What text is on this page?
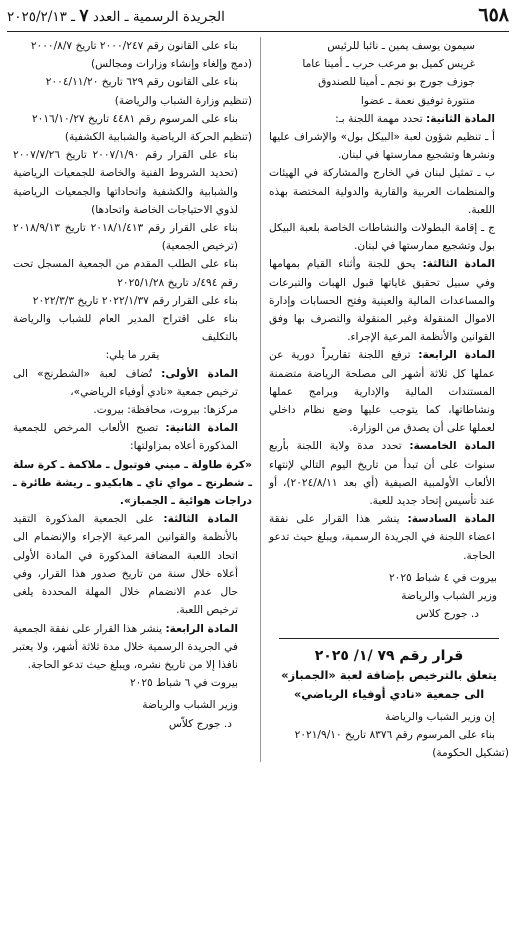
٦٥٨
الجريدة الرسمية ـ العدد ٧ ـ ٢٠٢٥/٢/١٣

سيمون يوسف يمين ـ نائبا للرئيس

غريس كميل بو مرعب حرب ـ أمينا عاما

جوزف جورج بو نجم ـ أمينا للصندوق

منتورة توفيق نعمة ـ عضوا

المادة الثانية: تحدد مهمة اللجنة بـ:

أ ـ تنظيم شؤون لعبة «البيكل بول» والإشراف عليها ونشرها وتشجيع ممارستها في لبنان.

ب ـ تمثيل لبنان في الخارج والمشاركة في الهيئات والمنظمات العربية والقارية والدولية المختصة بهذه اللعبة.

ج ـ إقامة البطولات والنشاطات الخاصة بلعبة البيكل بول وتشجيع ممارستها في لبنان.

المادة الثالثة: يحق للجنة وأثناء القيام بمهامها وفي سبيل تحقيق غاياتها قبول الهبات والتبرعات والمساعدات المالية والعينية وفتح الحسابات وإدارة الاموال المنقولة وغير المنقولة والتصرف بها وفق القوانين والأنظمة المرعية الإجراء.

المادة الرابعة: ترفع اللجنة تقاريراً دورية عن عملها كل ثلاثة أشهر الى مصلحة الرياضة متضمنة المستندات المالية والإدارية وبرامج عملها ونشاطاتها، كما يتوجب عليها وضع نظام داخلي لعملها على أن يصدق من الوزارة.

المادة الخامسة: تحدد مدة ولاية اللجنة بأربع سنوات على أن تبدأ من تاريخ اليوم التالي لإنتهاء الألعاب الأولمبية الصيفية (أي بعد ٢٠٢٤/٨/١١)، أو عند تأسيس إتحاد جديد للعبة.

المادة السادسة: ينشر هذا القرار على نفقة اعضاء اللجنة في الجريدة الرسمية، ويبلغ حيث تدعو الحاجة.

بيروت في ٤ شباط ٢٠٢٥

وزير الشباب والرياضة

د. جورج كلاس

قرار رقم ٧٩ /١/ ٢٠٢٥

يتعلق بالترخيص بإضافة لعبة «الجمباز»

الى جمعية «نادي أوفياء الرياضي»

إن وزير الشباب والرياضة

بناء على المرسوم رقم ٨٣٧٦ تاريخ ٢٠٢١/٩/١٠

(تشكيل الحكومة)

بناء على القانون رقم ٢٠٠٠/٢٤٧ تاريخ ٢٠٠٠/٨/٧

(دمج وإلغاء وإنشاء وزارات ومجالس)

بناء على القانون رقم ٦٢٩ تاريخ ٢٠٠٤/١١/٢٠

(تنظيم وزارة الشباب والرياضة)

بناء على المرسوم رقم ٤٤٨١ تاريخ ٢٠١٦/١٠/٢٧

(تنظيم الحركة الرياضية والشبابية الكشفية)

بناء على القرار رقم ٢٠٠٧/١/٩٠ تاريخ ٢٠٠٧/٧/٢٦ (تحديد الشروط الفنية والخاصة للجمعيات الرياضية والشبابية والكشفية واتحاداتها والجمعيات الرياضية لذوي الاحتياجات الخاصة واتحادها)

بناء على القرار رقم ٢٠١٨/١/٤١٣ تاريخ ٢٠١٨/٩/١٣ (ترخيص الجمعية)

بناء على الطلب المقدم من الجمعية المسجل تحت رقم ٤٩٤/د تاريخ ٢٠٢٥/١/٢٨

بناء على القرار رقم ٢٠٢٢/١/٣٧ تاريخ ٢٠٢٢/٣/٣

بناء على اقتراح المدير العام للشباب والرياضة بالتكليف

يقرر ما يلي:

المادة الأولى: تُضاف لعبة «الشطرنج» الى ترخيص جمعية «نادي أوفياء الرياضي»،

مركزها: بيروت، محافظة: بيروت.

المادة الثانية: تصبح الألعاب المرخص للجمعية المذكورة أعلاه بمزاولتها:

«كرة طاولة ـ ميني فوتبول ـ ملاكمة ـ كرة سلة ـ شطرنج ـ مواي تاي ـ هابكيدو ـ ريشة طائرة ـ دراجات هوائية ـ الجمباز».

المادة الثالثة: على الجمعية المذكورة التقيد بالأنظمة والقوانين المرعية الإجراء والإنضمام الى اتحاد اللعبة المضافة المذكورة في المادة الأولى أعلاه خلال سنة من تاريخ صدور هذا القرار، وفي حال عدم الانضمام خلال المهلة المحددة يلغى ترخيص اللعبة.

المادة الرابعة: ينشر هذا القرار على نفقة الجمعية في الجريدة الرسمية خلال مدة ثلاثة أشهر، ولا يعتبر نافذا إلا من تاريخ نشره، ويبلغ حيث تدعو الحاجة.

بيروت في ٦ شباط ٢٠٢٥

وزير الشباب والرياضة

د. جورج كلاّس
